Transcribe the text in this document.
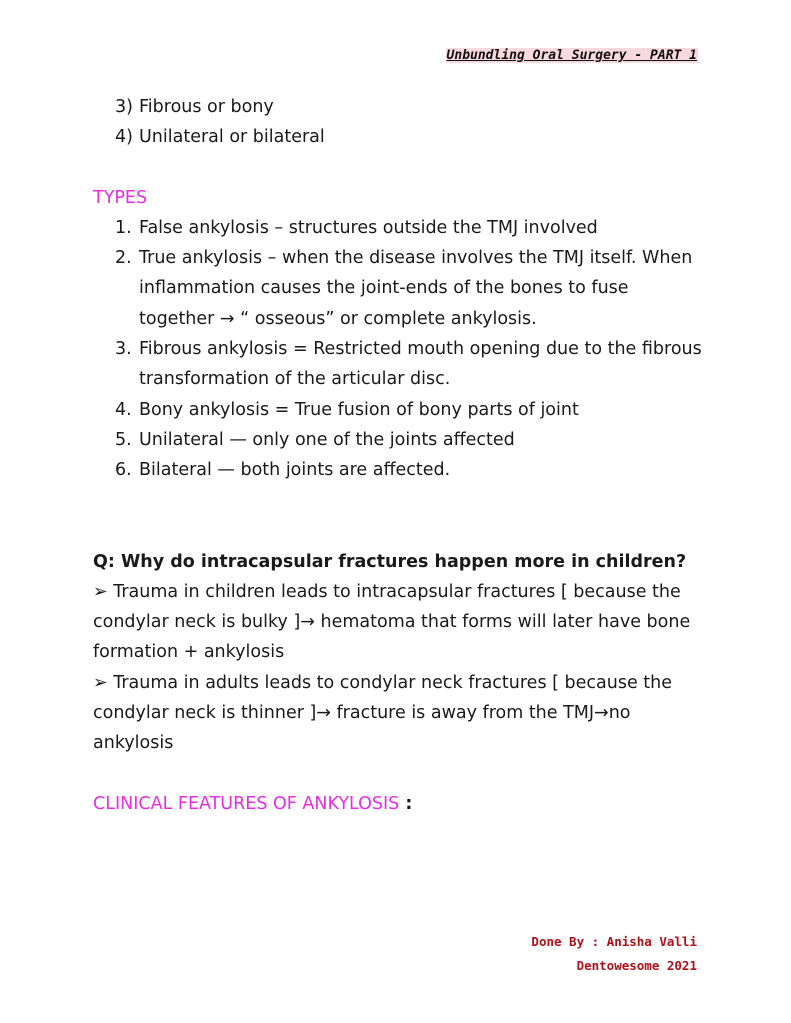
Unbundling Oral Surgery - PART 1
3) Fibrous or bony
4) Unilateral or bilateral
TYPES
1. False ankylosis – structures outside the TMJ involved
2. True ankylosis – when the disease involves the TMJ itself. When inflammation causes the joint-ends of the bones to fuse together → “ osseous” or complete ankylosis.
3. Fibrous ankylosis = Restricted mouth opening due to the fibrous transformation of the articular disc.
4. Bony ankylosis = True fusion of bony parts of joint
5. Unilateral — only one of the joints affected
6. Bilateral — both joints are affected.

Q: Why do intracapsular fractures happen more in children?

➢ Trauma in children leads to intracapsular fractures [ because the condylar neck is bulky ]→ hematoma that forms will later have bone formation + ankylosis

➢ Trauma in adults leads to condylar neck fractures [ because the condylar neck is thinner ]→ fracture is away from the TMJ→no ankylosis

CLINICAL FEATURES OF ANKYLOSIS :

Done By : Anisha Valli
Dentowesome 2021
